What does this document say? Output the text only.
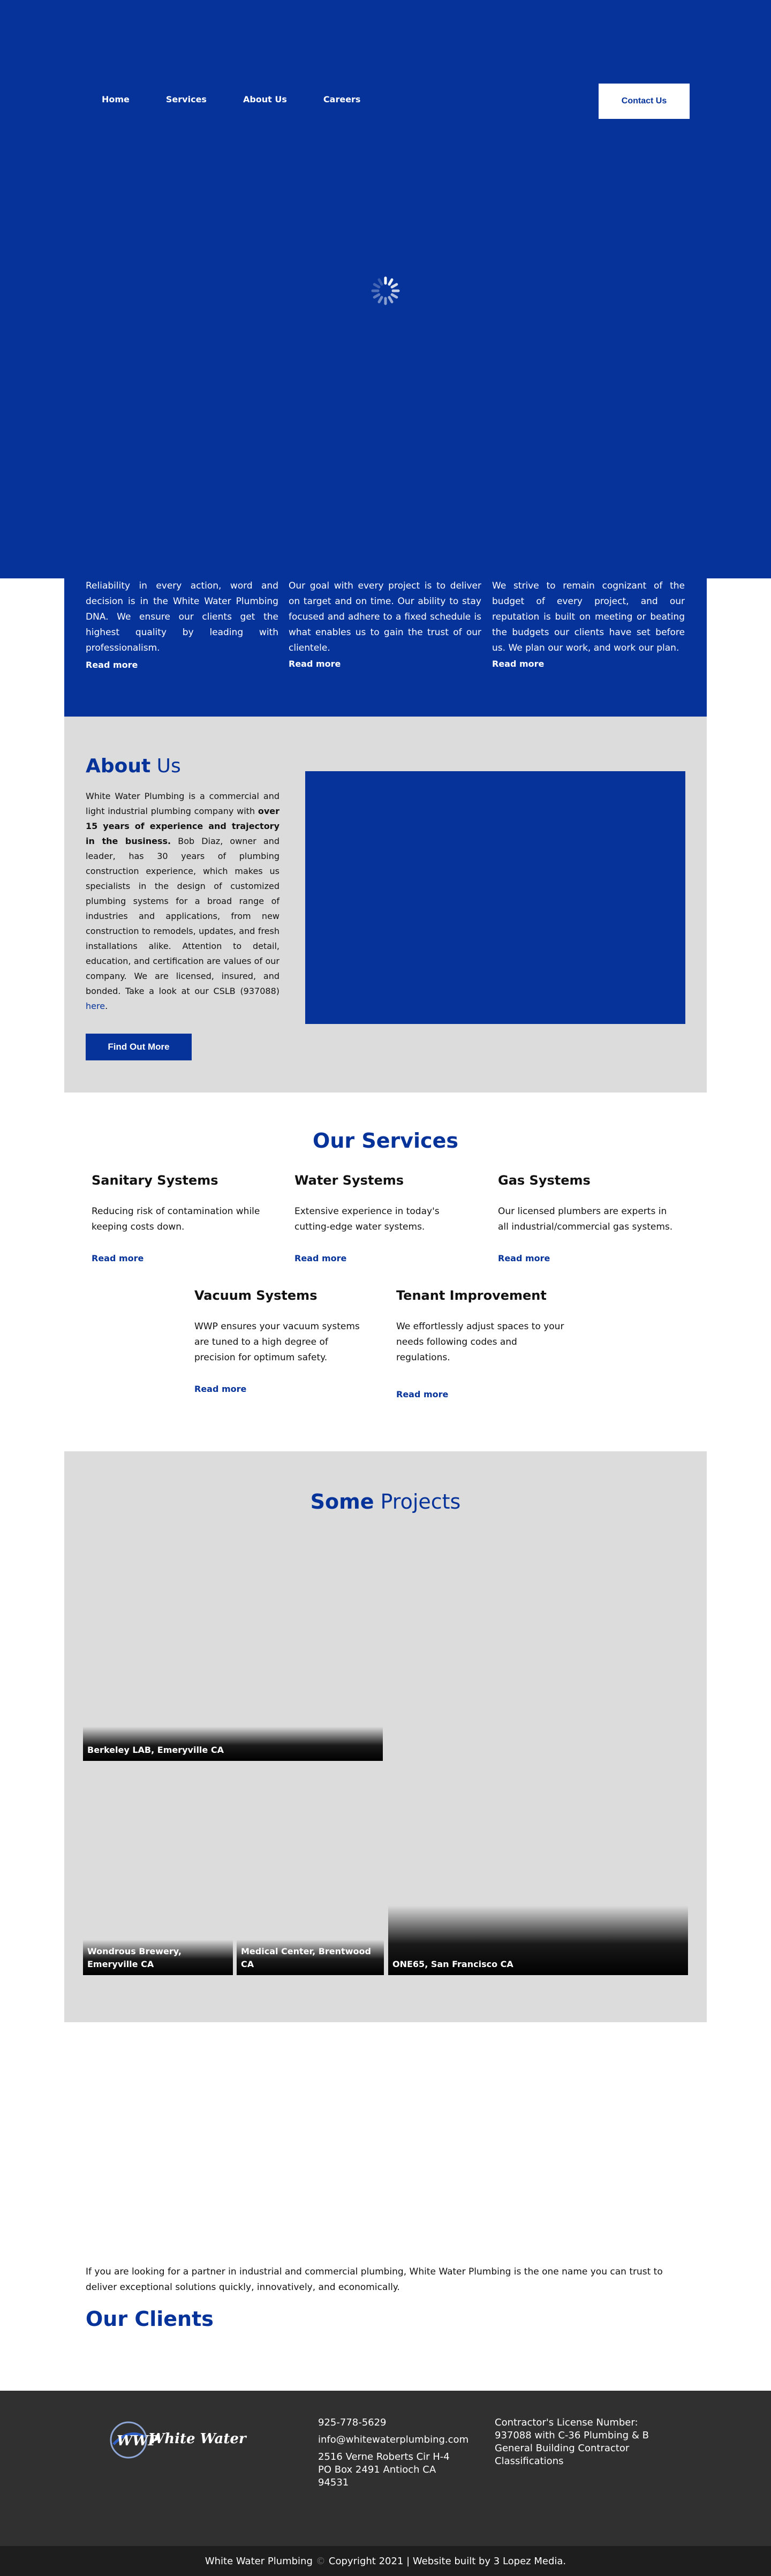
Home	Services	About Us	Careers	Contact Us

Reliability in every action, word and decision is in the White Water Plumbing DNA. We ensure our clients get the highest quality by leading with professionalism.

Read more

Our goal with every project is to deliver on target and on time. Our ability to stay focused and adhere to a fixed schedule is what enables us to gain the trust of our clientele.

Read more

We strive to remain cognizant of the budget of every project, and our reputation is built on meeting or beating the budgets our clients have set before us. We plan our work, and work our plan.

Read more
About Us

White Water Plumbing is a commercial and light industrial plumbing company with over 15 years of experience and trajectory in the business. Bob Diaz, owner and leader, has 30 years of plumbing construction experience, which makes us specialists in the design of customized plumbing systems for a broad range of industries and applications, from new construction to remodels, updates, and fresh installations alike. Attention to detail, education, and certification are values of our company. We are licensed, insured, and bonded. Take a look at our CSLB (937088) here.

Find Out More
Our Services
Sanitary Systems

Reducing risk of contamination while keeping costs down.

Read more
Water Systems

Extensive experience in today's cutting-edge water systems.

Read more
Gas Systems

Our licensed plumbers are experts in all industrial/commercial gas systems.

Read more
Vacuum Systems

WWP ensures your vacuum systems are tuned to a high degree of precision for optimum safety.

Read more
Tenant Improvement

We effortlessly adjust spaces to your needs following codes and regulations.

Read more
Some Projects
Berkeley LAB, Emeryville CA
Wondrous Brewery, Emeryville CA
Medical Center, Brentwood CA	ONE65, San Francisco CA

If you are looking for a partner in industrial and commercial plumbing, White Water Plumbing is the one name you can trust to deliver exceptional solutions quickly, innovatively, and economically.

Our Clients
WWP
White Water
925-778-5629
info@whitewaterplumbing.com
2516 Verne Roberts Cir H-4 PO Box 2491 Antioch CA 94531
Contractor's License Number: 937088 with C-36 Plumbing & B General Building Contractor Classifications
White Water Plumbing © Copyright 2021 | Website built by 3 Lopez Media.
